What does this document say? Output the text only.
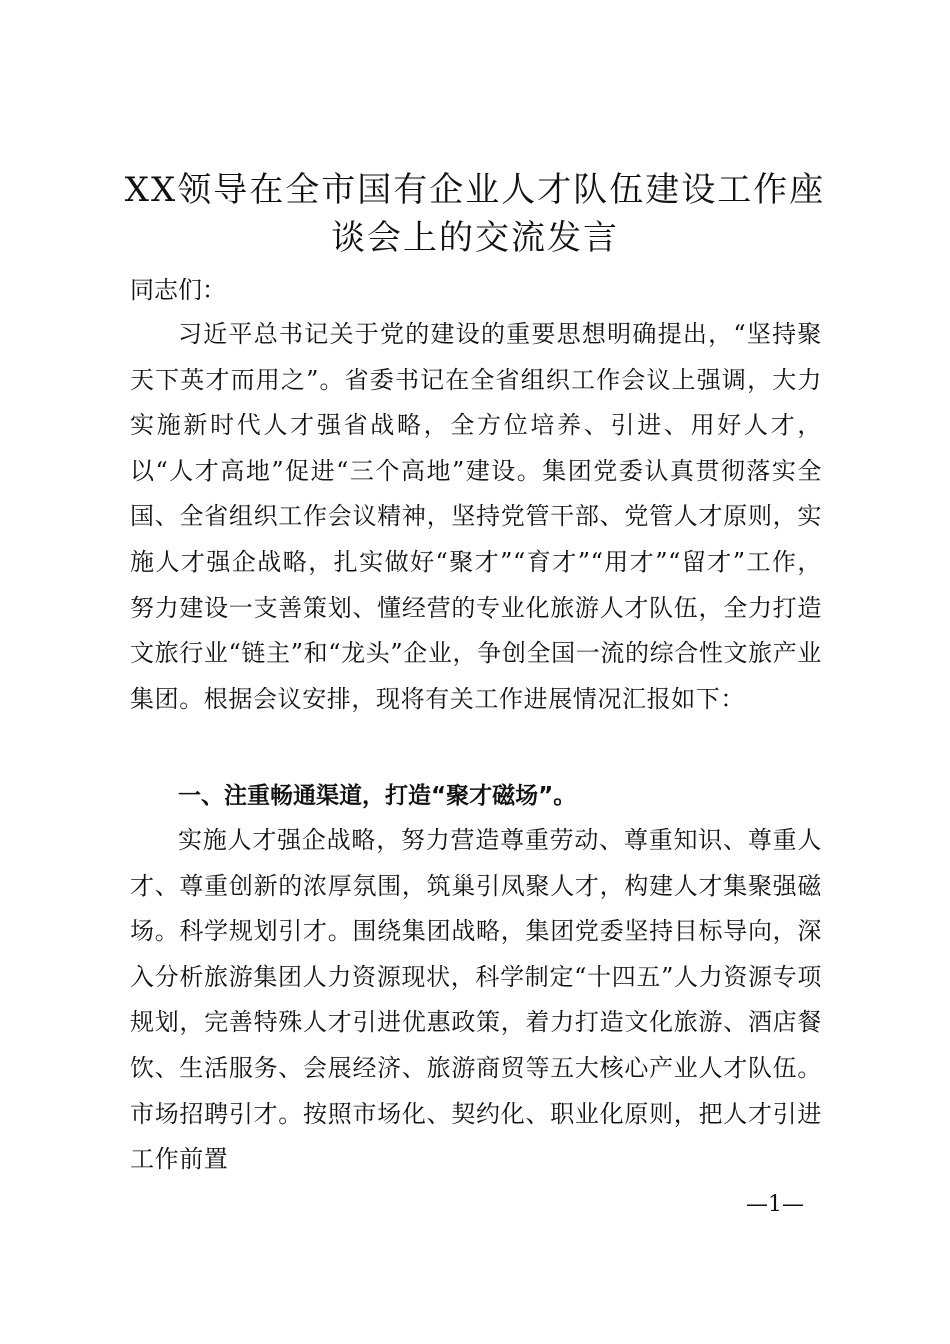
XX领导在全市国有企业人才队伍建设工作座谈会上的交流发言

同志们：

习近平总书记关于党的建设的重要思想明确提出，“坚持聚天下英才而用之”。省委书记在全省组织工作会议上强调，大力实施新时代人才强省战略，全方位培养、引进、用好人才，以“人才高地”促进“三个高地”建设。集团党委认真贯彻落实全国、全省组织工作会议精神，坚持党管干部、党管人才原则，实施人才强企战略，扎实做好“聚才”“育才”“用才”“留才”工作，努力建设一支善策划、懂经营的专业化旅游人才队伍，全力打造文旅行业“链主”和“龙头”企业，争创全国一流的综合性文旅产业集团。根据会议安排，现将有关工作进展情况汇报如下：

一、注重畅通渠道，打造“聚才磁场”。

实施人才强企战略，努力营造尊重劳动、尊重知识、尊重人才、尊重创新的浓厚氛围，筑巢引凤聚人才，构建人才集聚强磁场。科学规划引才。围绕集团战略，集团党委坚持目标导向，深入分析旅游集团人力资源现状，科学制定“十四五”人力资源专项规划，完善特殊人才引进优惠政策，着力打造文化旅游、酒店餐饮、生活服务、会展经济、旅游商贸等五大核心产业人才队伍。市场招聘引才。按照市场化、契约化、职业化原则，把人才引进工作前置

—1—
